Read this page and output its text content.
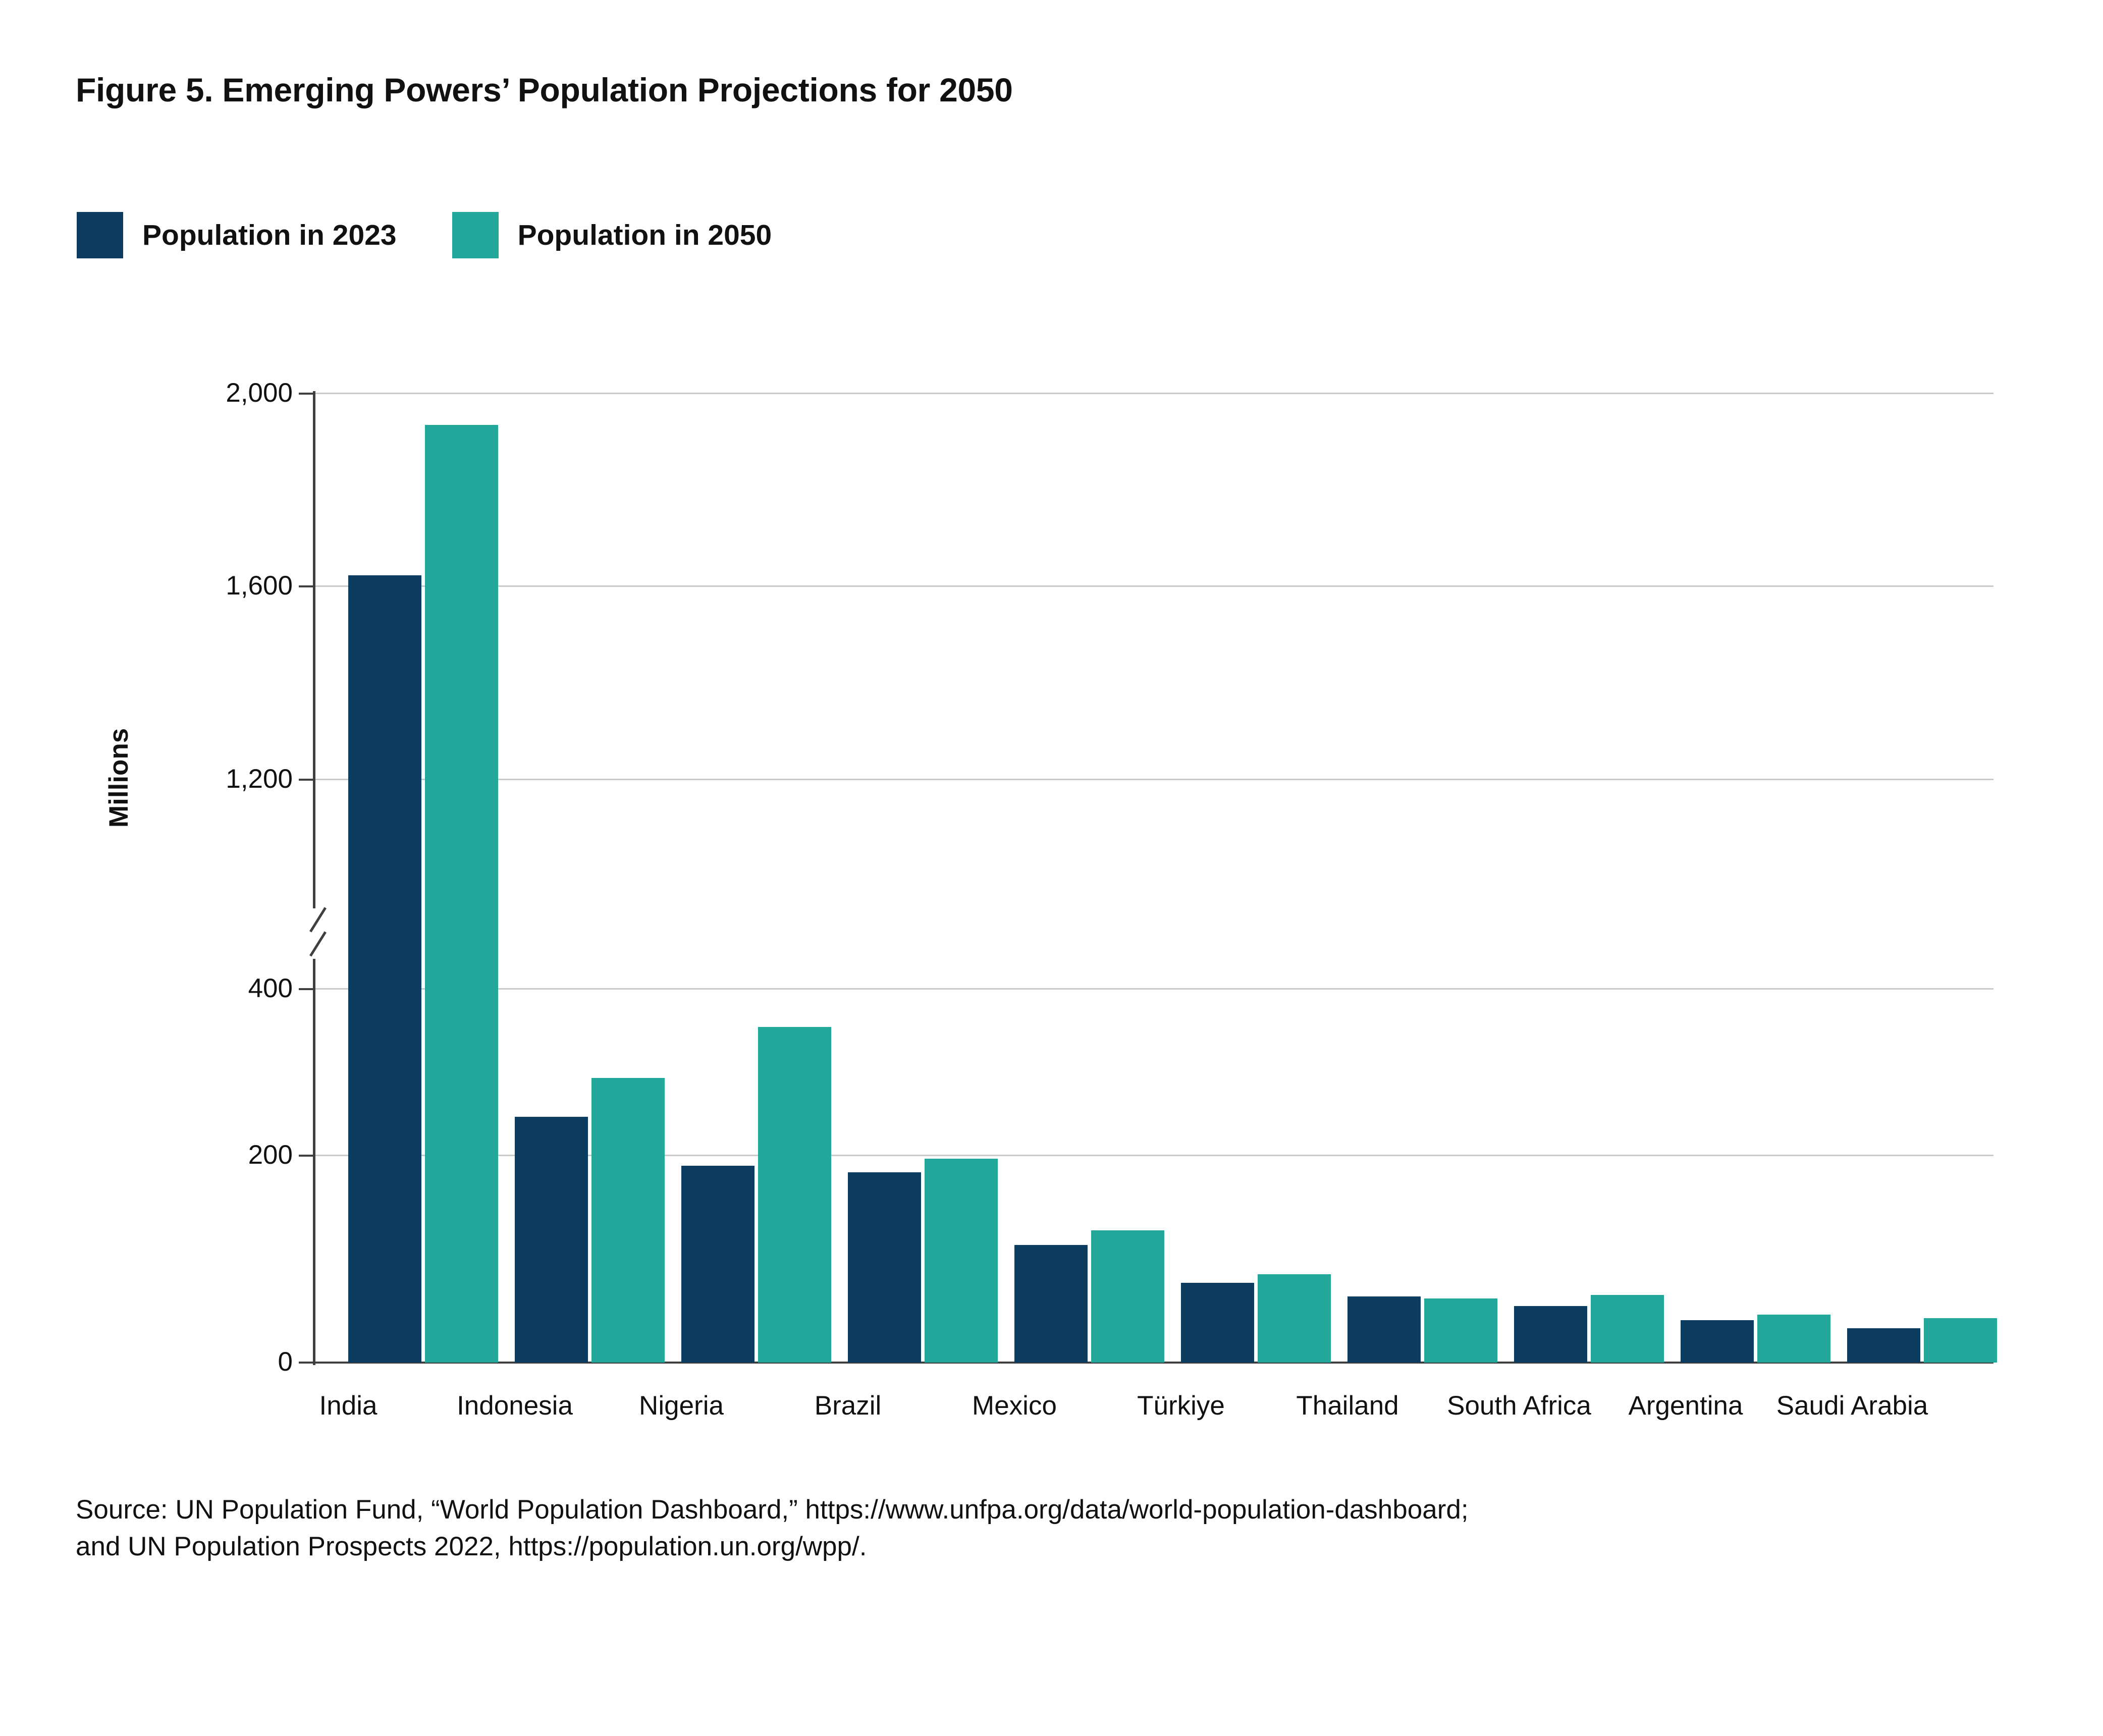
Figure 5. Emerging Powers’ Population Projections for 2050
Population in 2023	Population in 2050
2,000
1,600
1,200
400
200
0
Millions
India	Indonesia	Nigeria	Brazil	Mexico	Türkiye	Thailand	South Africa	Argentina	Saudi Arabia
Source: UN Population Fund, “World Population Dashboard,” https://www.unfpa.org/data/world-population-dashboard;
and UN Population Prospects 2022, https://population.un.org/wpp/.
